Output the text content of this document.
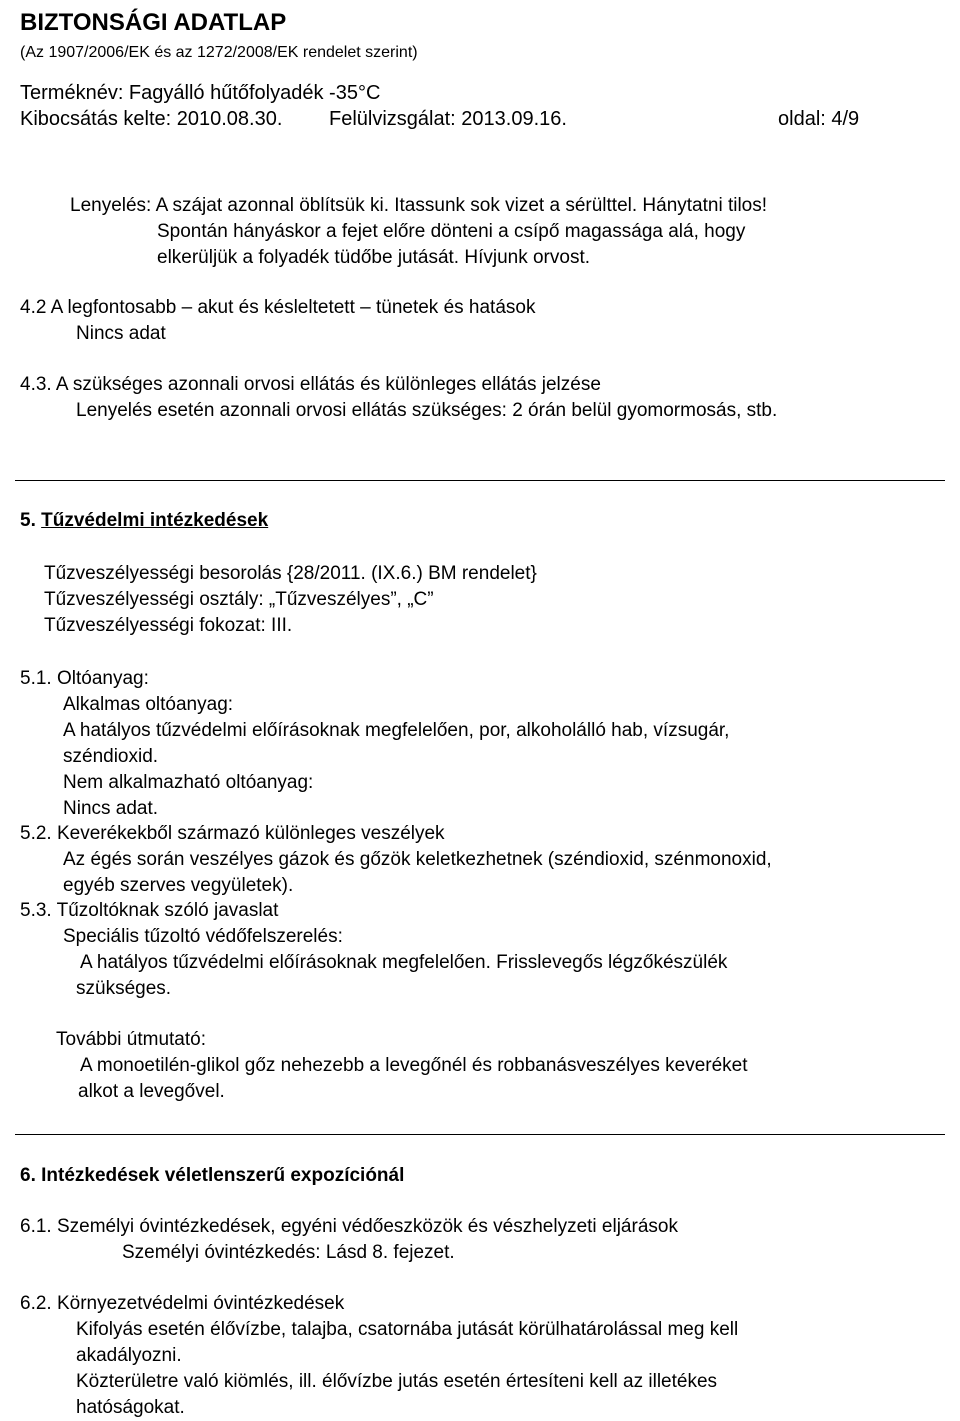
BIZTONSÁGI ADATLAP
(Az 1907/2006/EK és az 1272/2008/EK rendelet szerint)
Terméknév: Fagyálló hűtőfolyadék -35°C
Kibocsátás kelte: 2010.08.30. Felülvizsgálat: 2013.09.16.	oldal: 4/9
Lenyelés: A szájat azonnal öblítsük ki. Itassunk sok vizet a sérülttel. Hánytatni tilos!
Spontán hányáskor a fejet előre dönteni a csípő magassága alá, hogy
elkerüljük a folyadék tüdőbe jutását. Hívjunk orvost.
4.2 A legfontosabb – akut és késleltetett – tünetek és hatások
Nincs adat
4.3. A szükséges azonnali orvosi ellátás és különleges ellátás jelzése
Lenyelés esetén azonnali orvosi ellátás szükséges: 2 órán belül gyomormosás, stb.
5. Tűzvédelmi intézkedések
Tűzveszélyességi besorolás {28/2011. (IX.6.) BM rendelet}
Tűzveszélyességi osztály: „Tűzveszélyes”, „C”
Tűzveszélyességi fokozat: III.
5.1. Oltóanyag:
Alkalmas oltóanyag:
A hatályos tűzvédelmi előírásoknak megfelelően, por, alkoholálló hab, vízsugár,
széndioxid.
Nem alkalmazható oltóanyag:
Nincs adat.
5.2. Keverékekből származó különleges veszélyek
Az égés során veszélyes gázok és gőzök keletkezhetnek (széndioxid, szénmonoxid,
egyéb szerves vegyületek).
5.3. Tűzoltóknak szóló javaslat
Speciális tűzoltó védőfelszerelés:
A hatályos tűzvédelmi előírásoknak megfelelően. Frisslevegős légzőkészülék
szükséges.
További útmutató:
A monoetilén-glikol gőz nehezebb a levegőnél és robbanásveszélyes keveréket
alkot a levegővel.
6. Intézkedések véletlenszerű expozíciónál
6.1. Személyi óvintézkedések, egyéni védőeszközök és vészhelyzeti eljárások
Személyi óvintézkedés: Lásd 8. fejezet.
6.2. Környezetvédelmi óvintézkedések
Kifolyás esetén élővízbe, talajba, csatornába jutását körülhatárolással meg kell
akadályozni.
Közterületre való kiömlés, ill. élővízbe jutás esetén értesíteni kell az illetékes
hatóságokat.
